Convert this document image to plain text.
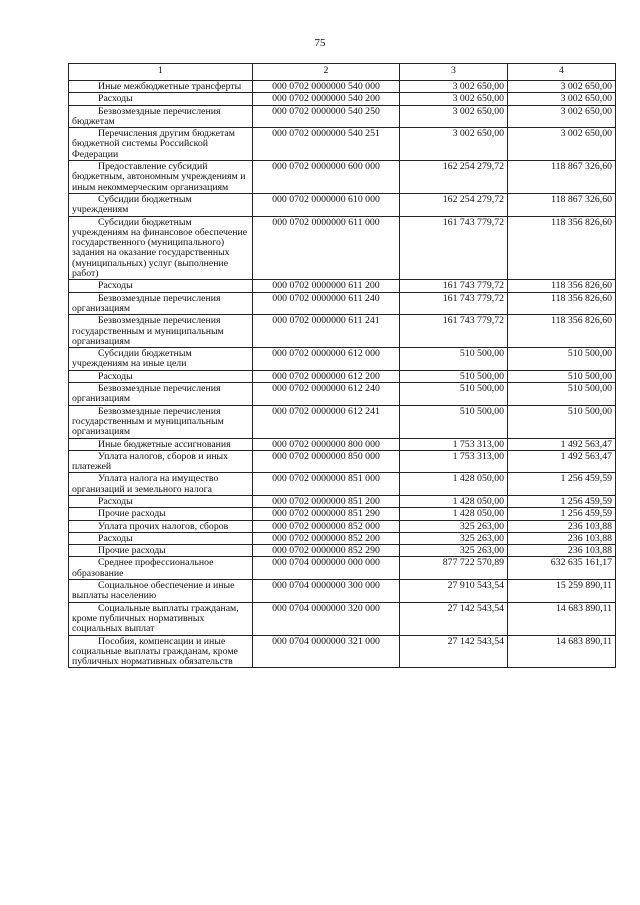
75
1	2	3	4
Иные межбюджетные трансферты	000 0702 0000000 540 000	3 002 650,00	3 002 650,00
Расходы	000 0702 0000000 540 200	3 002 650,00	3 002 650,00
Безвозмездные перечисления бюджетам	000 0702 0000000 540 250	3 002 650,00	3 002 650,00
Перечисления другим бюджетам бюджетной системы Российской Федерации	000 0702 0000000 540 251	3 002 650,00	3 002 650,00
Предоставление субсидий бюджетным, автономным учреждениям и иным некоммерческим организациям	000 0702 0000000 600 000	162 254 279,72	118 867 326,60
Субсидии бюджетным учреждениям	000 0702 0000000 610 000	162 254 279,72	118 867 326,60
Субсидии бюджетным учреждениям на финансовое обеспечение государственного (муниципального) задания на оказание государственных (муниципальных) услуг (выполнение работ)	000 0702 0000000 611 000	161 743 779,72	118 356 826,60
Расходы	000 0702 0000000 611 200	161 743 779,72	118 356 826,60
Безвозмездные перечисления организациям	000 0702 0000000 611 240	161 743 779,72	118 356 826,60
Безвозмездные перечисления государственным и муниципальным организациям	000 0702 0000000 611 241	161 743 779,72	118 356 826,60
Субсидии бюджетным учреждениям на иные цели	000 0702 0000000 612 000	510 500,00	510 500,00
Расходы	000 0702 0000000 612 200	510 500,00	510 500,00
Безвозмездные перечисления организациям	000 0702 0000000 612 240	510 500,00	510 500,00
Безвозмездные перечисления государственным и муниципальным организациям	000 0702 0000000 612 241	510 500,00	510 500,00
Иные бюджетные ассигнования	000 0702 0000000 800 000	1 753 313,00	1 492 563,47
Уплата налогов, сборов и иных платежей	000 0702 0000000 850 000	1 753 313,00	1 492 563,47
Уплата налога на имущество организаций и земельного налога	000 0702 0000000 851 000	1 428 050,00	1 256 459,59
Расходы	000 0702 0000000 851 200	1 428 050,00	1 256 459,59
Прочие расходы	000 0702 0000000 851 290	1 428 050,00	1 256 459,59
Уплата прочих налогов, сборов	000 0702 0000000 852 000	325 263,00	236 103,88
Расходы	000 0702 0000000 852 200	325 263,00	236 103,88
Прочие расходы	000 0702 0000000 852 290	325 263,00	236 103,88
Среднее профессиональное образование	000 0704 0000000 000 000	877 722 570,89	632 635 161,17
Социальное обеспечение и иные выплаты населению	000 0704 0000000 300 000	27 910 543,54	15 259 890,11
Социальные выплаты гражданам, кроме публичных нормативных социальных выплат	000 0704 0000000 320 000	27 142 543,54	14 683 890,11
Пособия, компенсации и иные социальные выплаты гражданам, кроме публичных нормативных обязательств	000 0704 0000000 321 000	27 142 543,54	14 683 890,11
